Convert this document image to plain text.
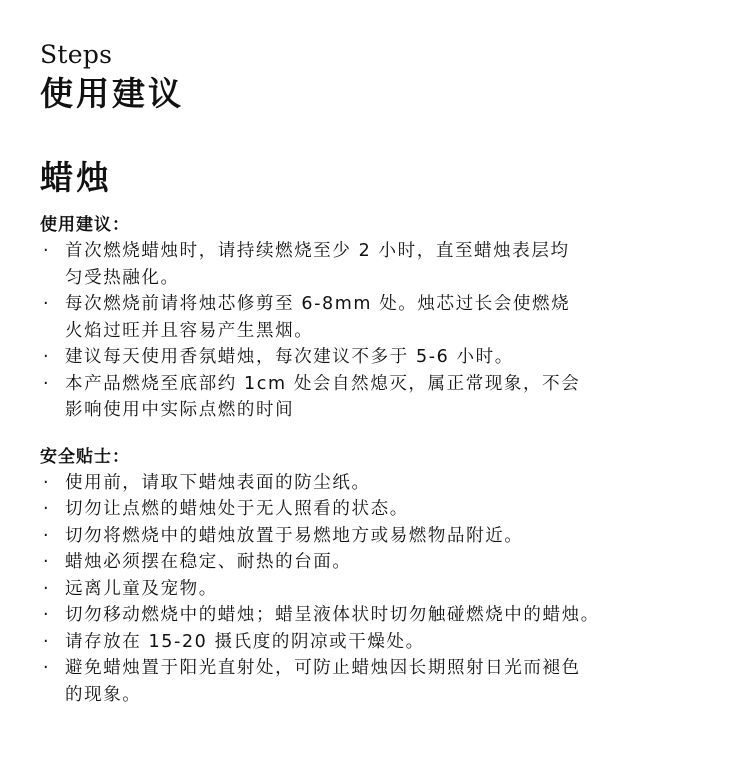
Steps

使用建议
蜡烛
使用建议：
· 首次燃烧蜡烛时，请持续燃烧至少 2 小时，直至蜡烛表层均
匀受热融化。
· 每次燃烧前请将烛芯修剪至 6-8mm 处。烛芯过长会使燃烧
火焰过旺并且容易产生黑烟。
· 建议每天使用香氛蜡烛，每次建议不多于 5-6 小时。
· 本产品燃烧至底部约 1cm 处会自然熄灭，属正常现象，不会
影响使用中实际点燃的时间
安全贴士：
· 使用前，请取下蜡烛表面的防尘纸。
· 切勿让点燃的蜡烛处于无人照看的状态。
· 切勿将燃烧中的蜡烛放置于易燃地方或易燃物品附近。
· 蜡烛必须摆在稳定、耐热的台面。
· 远离儿童及宠物。
· 切勿移动燃烧中的蜡烛；蜡呈液体状时切勿触碰燃烧中的蜡烛。
· 请存放在 15-20 摄氏度的阴凉或干燥处。
· 避免蜡烛置于阳光直射处，可防止蜡烛因长期照射日光而褪色
的现象。
